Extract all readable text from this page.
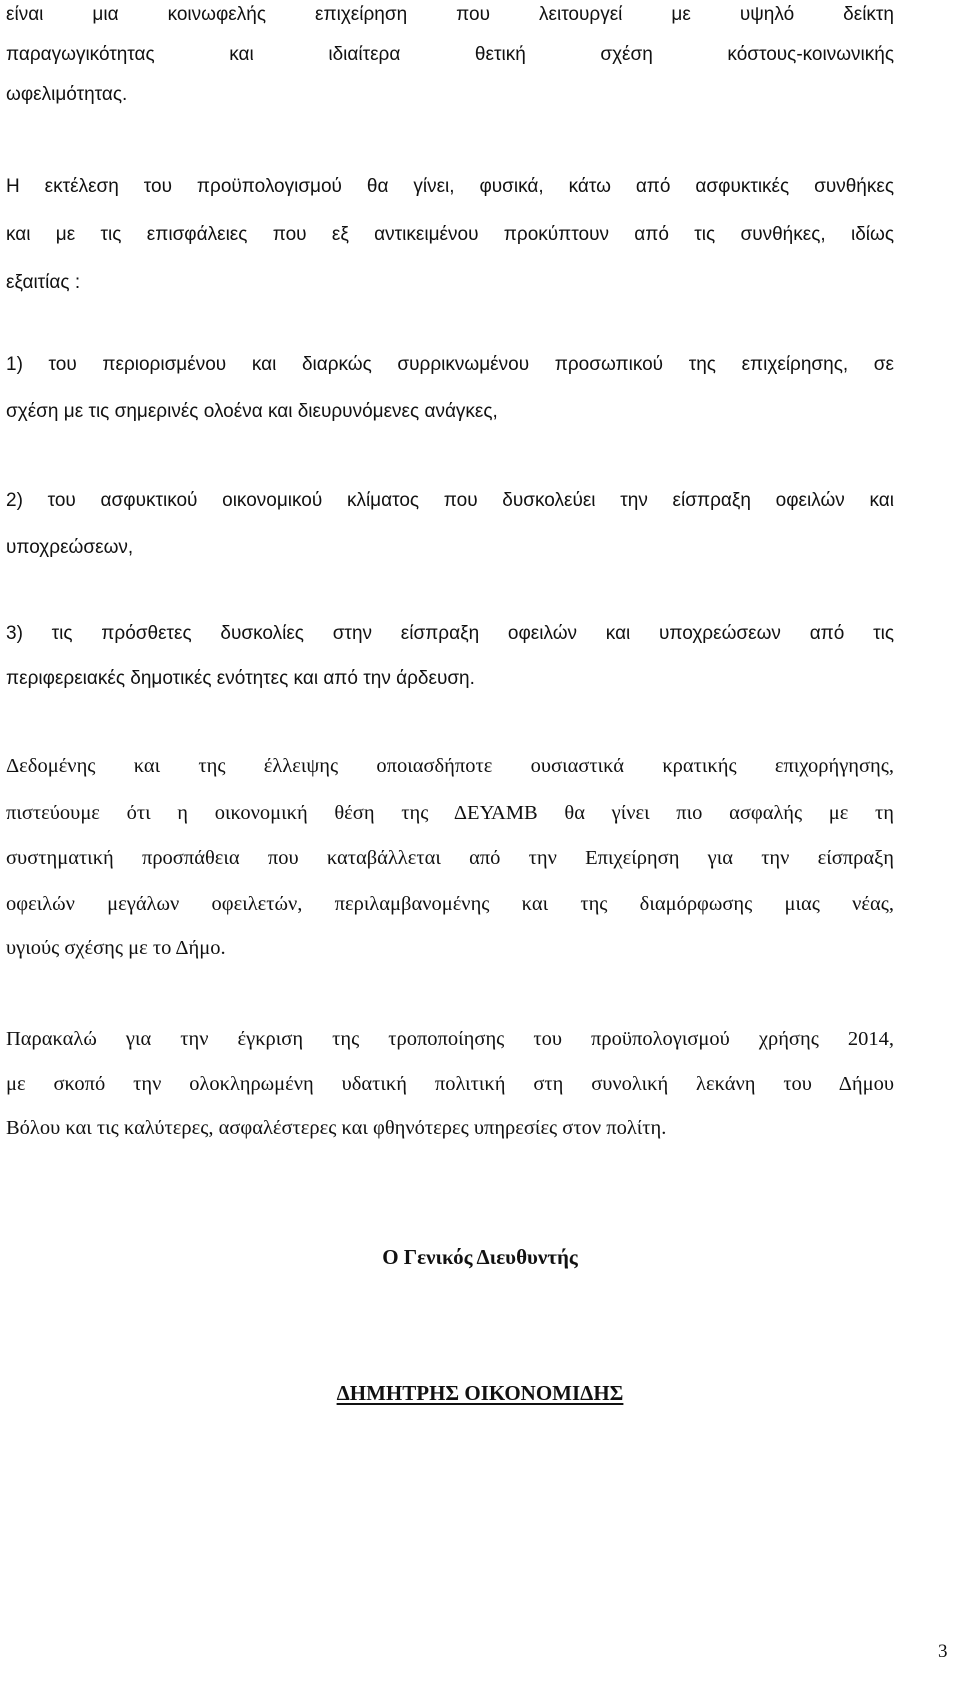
είναι μια κοινωφελής επιχείρηση που λειτουργεί με υψηλό δείκτη
παραγωγικότητας και ιδιαίτερα θετική σχέση κόστους-κοινωνικής
ωφελιμότητας.
Η εκτέλεση του προϋπολογισμού θα γίνει, φυσικά, κάτω από ασφυκτικές συνθήκες
και με τις επισφάλειες που εξ αντικειμένου προκύπτουν από τις συνθήκες, ιδίως
εξαιτίας :
1) του περιορισμένου και διαρκώς συρρικνωμένου προσωπικού της επιχείρησης, σε
σχέση με τις σημερινές ολοένα και διευρυνόμενες ανάγκες,
2) του ασφυκτικού οικονομικού κλίματος που δυσκολεύει την είσπραξη οφειλών και
υποχρεώσεων,
3) τις πρόσθετες δυσκολίες στην είσπραξη οφειλών και υποχρεώσεων από τις
περιφερειακές δημοτικές ενότητες και από την άρδευση.
Δεδομένης και της έλλειψης οποιασδήποτε ουσιαστικά κρατικής επιχορήγησης,
πιστεύουμε ότι η οικονομική θέση της ΔΕΥΑΜΒ θα γίνει πιο ασφαλής με τη
συστηματική προσπάθεια που καταβάλλεται από την Επιχείρηση για την είσπραξη
οφειλών μεγάλων οφειλετών, περιλαμβανομένης και της διαμόρφωσης μιας νέας,
υγιούς σχέσης με το Δήμο.
Παρακαλώ για την έγκριση της τροποποίησης του προϋπολογισμού χρήσης 2014,
με σκοπό την ολοκληρωμένη υδατική πολιτική στη συνολική λεκάνη του Δήμου
Βόλου και τις καλύτερες, ασφαλέστερες και φθηνότερες υπηρεσίες στον πολίτη.
Ο Γενικός Διευθυντής
ΔΗΜΗΤΡΗΣ ΟΙΚΟΝΟΜΙΔΗΣ
3
